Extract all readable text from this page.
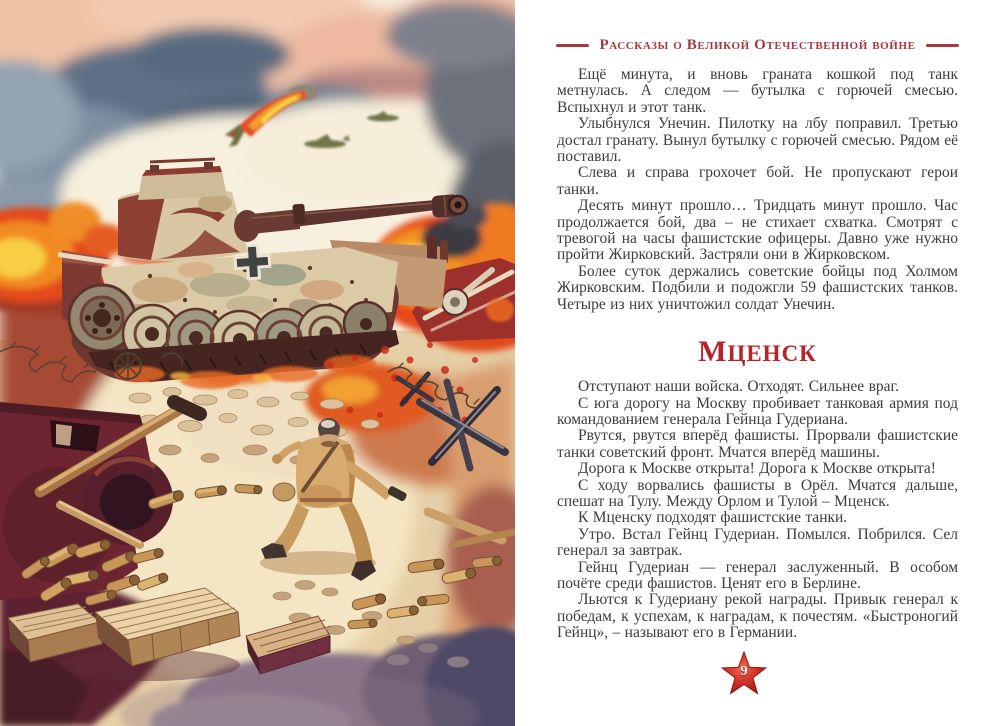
Рассказы о Великой Отечественной войне

Ещё минута, и вновь граната кошкой под танк метнулась. А следом — бутылка с горючей смесью. Вспыхнул и этот танк.

Улыбнулся Унечин. Пилотку на лбу поправил. Третью достал гранату. Вынул бутылку с горючей смесью. Рядом её поставил.

Слева и справа грохочет бой. Не пропускают герои танки.

Десять минут прошло… Тридцать минут прошло. Час продолжается бой, два – не стихает схватка. Смотрят с тревогой на часы фашистские офицеры. Давно уже нужно пройти Жирковский. Застряли они в Жирковском.

Более суток держались советские бойцы под Холмом Жирковским. Подбили и подожгли 59 фашистских танков. Четыре из них уничтожил солдат Унечин.

МЦЕНСК

Отступают наши войска. Отходят. Сильнее враг.

С юга дорогу на Москву пробивает танковая армия под командованием генерала Гейнца Гудериана.

Рвутся, рвутся вперёд фашисты. Прорвали фашистские танки советский фронт. Мчатся вперёд машины.

Дорога к Москве открыта! Дорога к Москве открыта!

С ходу ворвались фашисты в Орёл. Мчатся дальше, спешат на Тулу. Между Орлом и Тулой – Мценск.

К Мценску подходят фашистские танки.

Утро. Встал Гейнц Гудериан. Помылся. Побрился. Сел генерал за завтрак.

Гейнц Гудериан — генерал заслуженный. В особом почёте среди фашистов. Ценят его в Берлине.

Льются к Гудериану рекой награды. Привык генерал к победам, к успехам, к наградам, к почестям. «Быстроногий Гейнц», – называют его в Германии.

9
